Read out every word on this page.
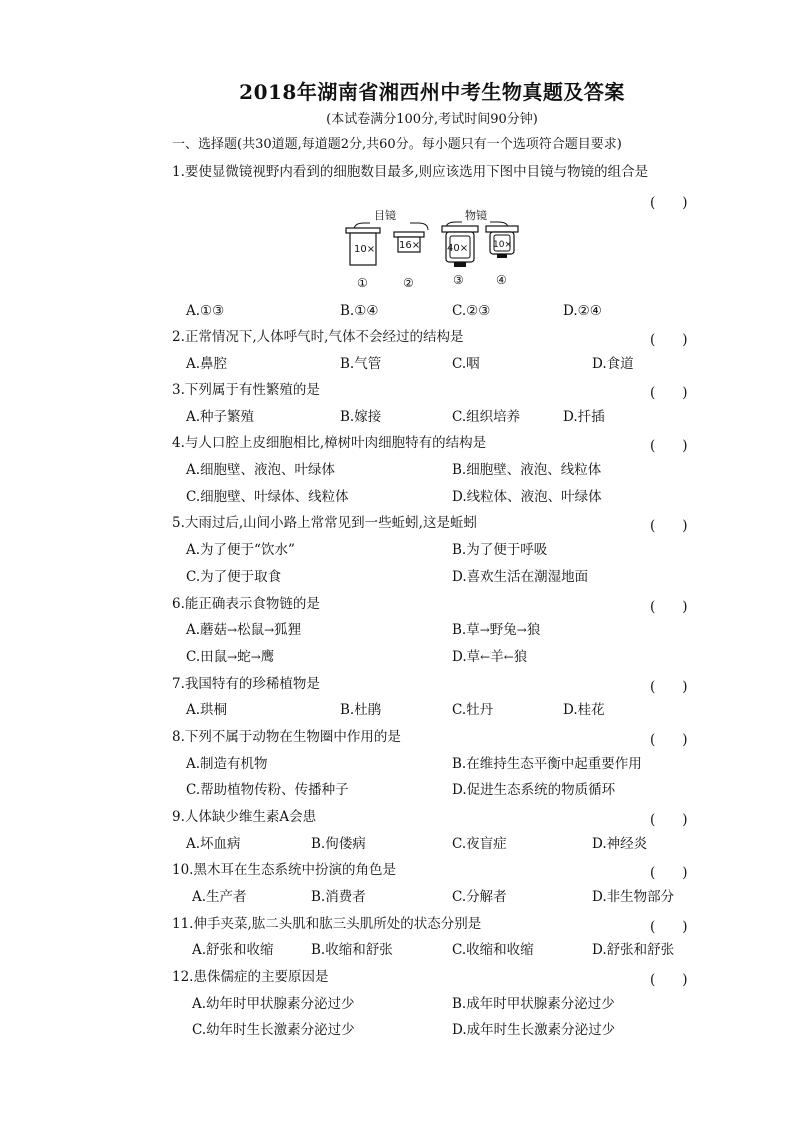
2018年湖南省湘西州中考生物真题及答案
(本试卷满分100分,考试时间90分钟)
一、选择题(共30道题,每道题2分,共60分。每小题只有一个选项符合题目要求)
1.要使显微镜视野内看到的细胞数目最多,则应该选用下图中目镜与物镜的组合是
(　　)
目镜	物镜
10× 16×	40×	10×
①	②	③	④
A.①③	B.①④	C.②③	D.②④
2.正常情况下,人体呼气时,气体不会经过的结构是	(　　)
A.鼻腔	B.气管	C.咽	D.食道
3.下列属于有性繁殖的是	(　　)
A.种子繁殖	B.嫁接	C.组织培养	D.扦插
4.与人口腔上皮细胞相比,樟树叶肉细胞特有的结构是	(　　)
A.细胞壁、液泡、叶绿体	B.细胞壁、液泡、线粒体
C.细胞壁、叶绿体、线粒体	D.线粒体、液泡、叶绿体
5.大雨过后,山间小路上常常见到一些蚯蚓,这是蚯蚓	(　　)
A.为了便于“饮水”	B.为了便于呼吸
C.为了便于取食	D.喜欢生活在潮湿地面
6.能正确表示食物链的是	(　　)
A.蘑菇→松鼠→狐狸	B.草→野兔→狼
C.田鼠→蛇→鹰	D.草←羊←狼
7.我国特有的珍稀植物是	(　　)
A.珙桐	B.杜鹃	C.牡丹	D.桂花
8.下列不属于动物在生物圈中作用的是	(　　)
A.制造有机物	B.在维持生态平衡中起重要作用
C.帮助植物传粉、传播种子	D.促进生态系统的物质循环
9.人体缺少维生素A会患	(　　)
A.坏血病	B.佝偻病	C.夜盲症	D.神经炎
10.黑木耳在生态系统中扮演的角色是	(　　)
A.生产者	B.消费者	C.分解者	D.非生物部分
11.伸手夹菜,肱二头肌和肱三头肌所处的状态分别是	(　　)
A.舒张和收缩	B.收缩和舒张	C.收缩和收缩	D.舒张和舒张
12.患侏儒症的主要原因是	(　　)
A.幼年时甲状腺素分泌过少	B.成年时甲状腺素分泌过少
C.幼年时生长激素分泌过少	D.成年时生长激素分泌过少
